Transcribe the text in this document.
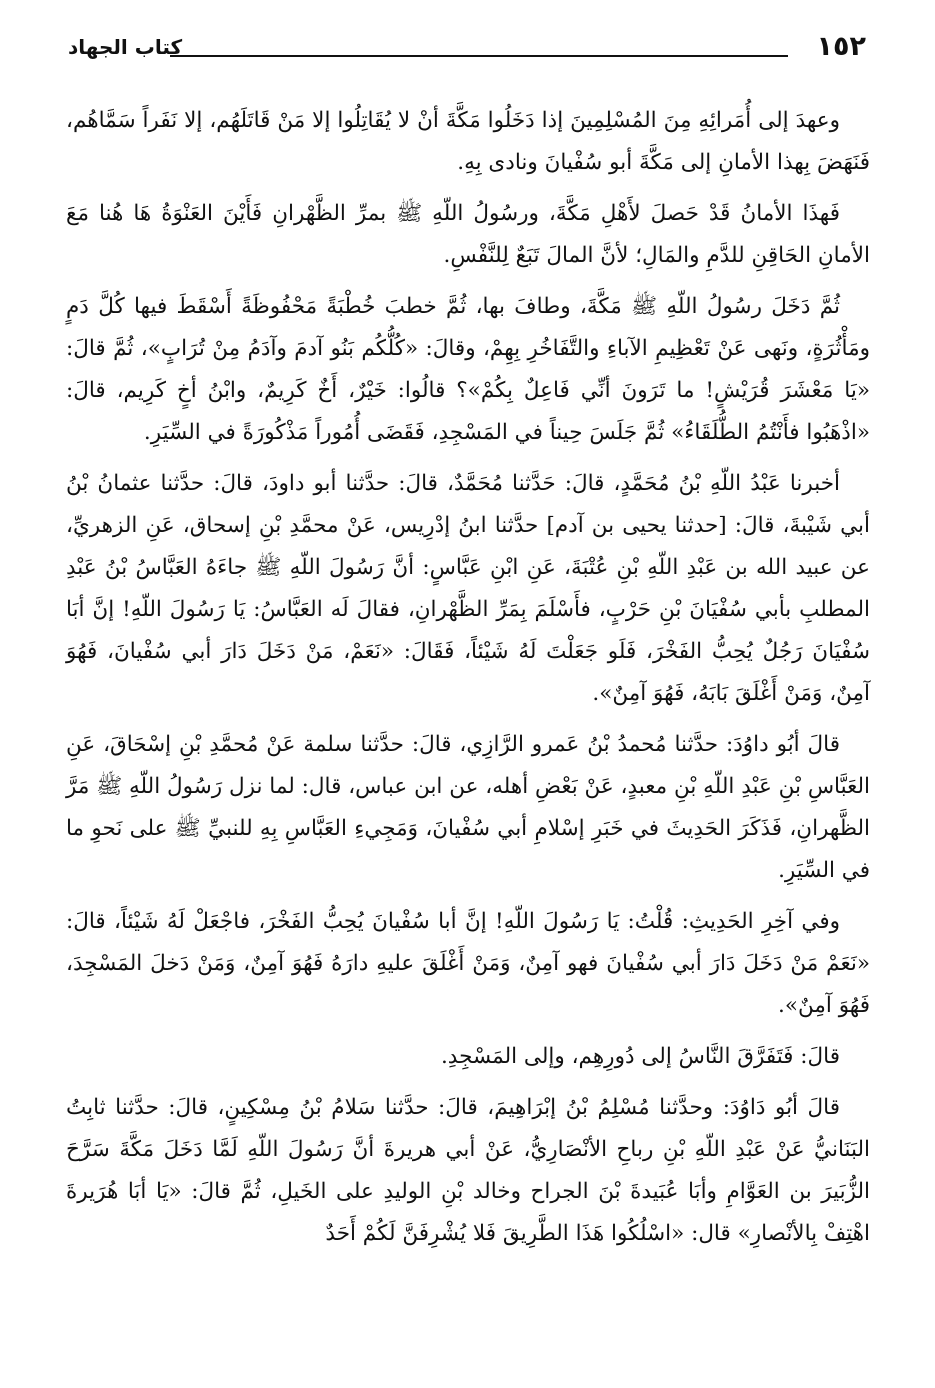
١٥٢
كتاب الجهاد

وعهدَ إلى أُمَرائِهِ مِنَ المُسْلِمِينَ إذا دَخَلُوا مَكَّةَ أنْ لا يُقَاتِلُوا إلا مَنْ قَاتَلَهُم، إلا نَفَراً سَمَّاهُم، فَنَهَضَ بِهذا الأمانِ إلى مَكَّةَ أبو سُفْيانَ ونادى بِهِ.

فَهذَا الأمانُ قَدْ حَصلَ لأَهْلِ مَكَّةَ، ورسُولُ اللّهِ ﷺ بمرِّ الظَّهْرانِ فَأَيْنَ العَنْوَةُ هَا هُنا مَعَ الأمانِ الحَاقِنِ للدَّمِ والمَالِ؛ لأنَّ المالَ تَبَعٌ لِلنَّفْسِ.

ثُمَّ دَخَلَ رسُولُ اللّهِ ﷺ مَكَّةَ، وطافَ بها، ثُمَّ خطبَ خُطْبَةً مَحْفُوظَةً أَسْقَطَ فيها كُلَّ دَمٍ ومَأْثُرَةٍ، ونَهى عَنْ تَعْظِيمِ الآباءِ والتَّفَاخُرِ بِهِمْ، وقالَ: «كُلُّكُم بَنُو آدمَ وآدَمُ مِنْ تُرَابٍ»، ثُمَّ قالَ: «يَا مَعْشَرَ قُرَيْشٍ! ما تَرَونَ أنِّي فَاعِلٌ بِكُمْ»؟ قالُوا: خَيْرٌ، أَخٌ كَرِيمٌ، وابْنُ أخٍ كَرِيم، قالَ: «اذْهَبُوا فأَنْتُمُ الطُّلَقَاءُ» ثُمَّ جَلَسَ حِيناً في المَسْجِدِ، فَقَضَى أُمُوراً مَذْكُورَةً في السِّيَرِ.

أخبرنا عَبْدُ اللّهِ بْنُ مُحَمَّدٍ، قالَ: حَدَّثنا مُحَمَّدٌ، قالَ: حدَّثنا أبو داودَ، قالَ: حدَّثنا عثمانُ بْنُ أبي شَيْبةَ، قالَ: [حدثنا يحيى بن آدم] حدَّثنا ابنُ إدْرِيس، عَنْ محمَّدِ بْنِ إسحاق، عَنِ الزهريِّ، عن عبيد الله بن عَبْدِ اللّهِ بْنِ عُتْبَةَ، عَنِ ابْنِ عَبَّاسٍ: أنَّ رَسُولَ اللّهِ ﷺ جاءَهُ العَبَّاسُ بْنُ عَبْدِ المطلبِ بأبي سُفْيَانَ بْنِ حَرْبٍ، فأَسْلَمَ بِمَرِّ الظَّهْرانِ، فقالَ لَه العَبَّاسُ: يَا رَسُولَ اللّهِ! إنَّ أبَا سُفْيَانَ رَجُلٌ يُحِبُّ الفَخْرَ، فَلَو جَعَلْتَ لَهُ شَيْئاً، فَقَالَ: «نَعَمْ، مَنْ دَخَلَ دَارَ أبي سُفْيانَ، فَهُوَ آمِنٌ، وَمَنْ أَغْلَقَ بَابَهُ، فَهُوَ آمِنٌ».

قالَ أبُو داوُدَ: حدَّثنا مُحمدُ بْنُ عَمرو الرَّازِي، قالَ: حدَّثنا سلمة عَنْ مُحمَّدِ بْنِ إسْحَاقَ، عَنِ العَبَّاسِ بْنِ عَبْدِ اللّهِ بْنِ معبدٍ، عَنْ بَعْضِ أهله، عن ابن عباس، قال: لما نزل رَسُولُ اللّهِ ﷺ مَرَّ الظَّهرانِ، فَذَكَرَ الحَدِيثَ في خَبَرِ إسْلامِ أبي سُفْيانَ، وَمَجِيءِ العَبَّاسِ بِهِ للنبيِّ ﷺ على نَحوِ ما في السِّيَرِ.

وفي آخِرِ الحَدِيثِ: قُلْتُ: يَا رَسُولَ اللّهِ! إنَّ أبا سُفْيانَ يُحِبُّ الفَخْرَ، فاجْعَلْ لَهُ شَيْئاً، قالَ: «نَعَمْ مَنْ دَخَلَ دَارَ أبي سُفْيانَ فهو آمِنٌ، وَمَنْ أَغْلَقَ عليهِ دارَهُ فَهُوَ آمِنٌ، وَمَنْ دَخلَ المَسْجِدَ، فَهُوَ آمِنٌ».

قالَ: فَتَفَرَّقَ النَّاسُ إلى دُورِهِم، وإلى المَسْجِدِ.

قالَ أبُو دَاوُدَ: وحدَّثنا مُسْلِمُ بْنُ إبْرَاهِيمَ، قالَ: حدَّثنا سَلامُ بْنُ مِسْكِينٍ، قالَ: حدَّثنا ثابِتُ البَنَانيُّ عَنْ عَبْدِ اللّهِ بْنِ رباحِ الأنْصَارِيُّ، عَنْ أبي هريرةَ أنَّ رَسُولَ اللّهِ لَمَّا دَخَلَ مَكَّةَ سَرَّحَ الزُّبَيرَ بن العَوَّامِ وأبَا عُبَيدةَ بْنَ الجراح وخالد بْنِ الوليدِ على الخَيلِ، ثُمَّ قالَ: «يَا أبَا هُرَيرةَ اهْتِفْ بِالأنْصارِ» قال: «اسْلُكُوا هَذَا الطَّرِيقَ فَلا يُشْرِفَنَّ لَكُمْ أَحَدٌ
